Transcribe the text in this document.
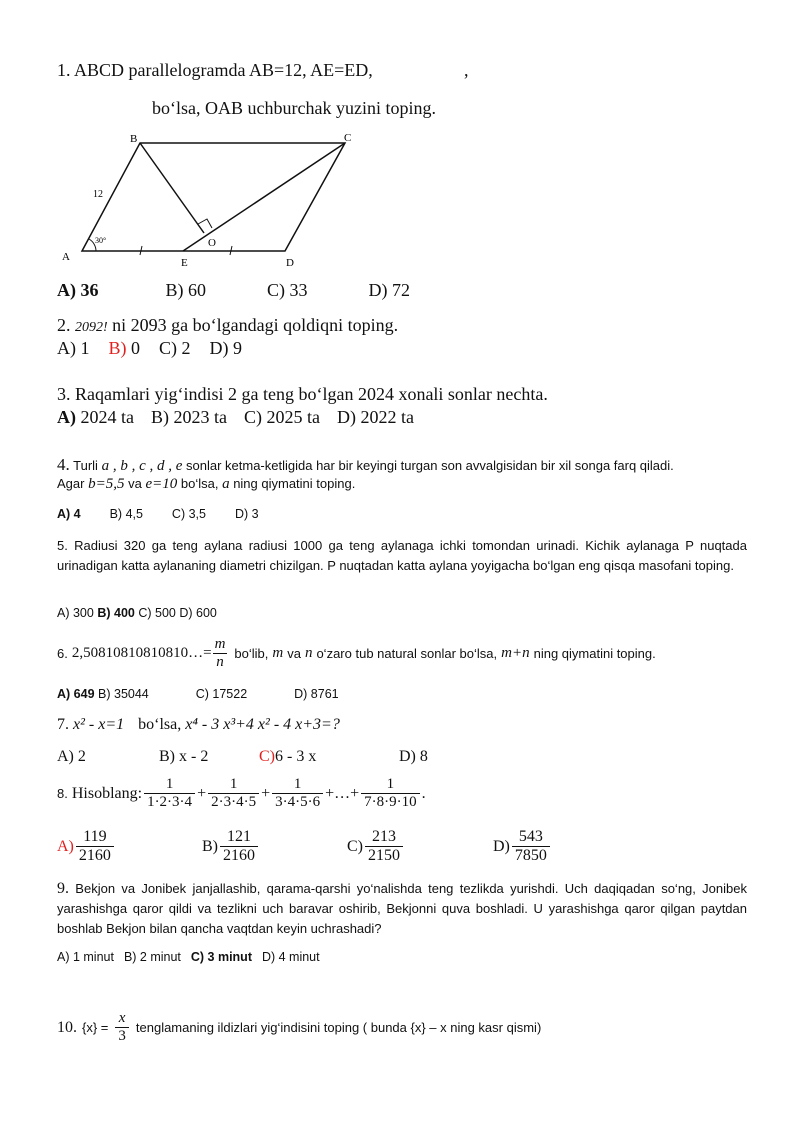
1. ABCD parallelogramda AB=12, AE=ED,	,
bo‘lsa, OAB uchburchak yuzini toping.
B	C
A	E	D
O
12
30°
A) 36	B) 60	C) 33	D) 72
2. 2092! ni 2093 ga bo‘lgandagi qoldiqni toping.
A) 1 B) 0 C) 2 D) 9
3. Raqamlari yig‘indisi 2 ga teng bo‘lgan 2024 xonali sonlar nechta.
A) 2024 ta B) 2023 ta C) 2025 ta D) 2022 ta
4. Turli a , b , c , d , e sonlar ketma-ketligida har bir keyingi turgan son avvalgisidan bir xil songa farq qiladi.
Agar b=5,5 va e=10 bo‘lsa, a ning qiymatini toping.
A) 4 B) 4,5 C) 3,5 D) 3
5. Radiusi 320 ga teng aylana radiusi 1000 ga teng aylanaga ichki tomondan urinadi. Kichik aylanaga P nuqtada urinadigan katta aylananing diametri chizilgan. P nuqtadan katta aylana yoyigacha bo‘lgan eng qisqa masofani toping.
A) 300 B) 400 C) 500 D) 600
6. 2,50810810810810…= $\frac{m}{n}$ bo‘lib, m va n o‘zaro tub natural sonlar bo‘lsa, m+n ning qiymatini toping.
A) 649 B) 35044	C) 17522	D) 8761
7. x² - x=1 bo‘lsa, x⁴ - 3 x³+4 x² - 4 x+3=?
A) 2	B) x - 2	C)6 - 3 x	D) 8
8. Hisoblang: $\frac{1}{1\cdot 2\cdot 3\cdot 4} + \frac{1}{2\cdot 3\cdot 4\cdot 5} + \frac{1}{3\cdot 4\cdot 5\cdot 6}$ +…+ $\frac{1}{7\cdot 8\cdot 9\cdot 10}$ .
$A) \frac{119}{2160}$	$B) \frac{121}{2160}$	$C) \frac{213}{2150}$	$D) \frac{543}{7850}$
9. Bekjon va Jonibek janjallashib, qarama-qarshi yo‘nalishda teng tezlikda yurishdi. Uch daqiqadan so‘ng, Jonibek yarashishga qaror qildi va tezlikni uch baravar oshirib, Bekjonni quva boshladi. U yarashishga qaror qilgan paytdan boshlab Bekjon bilan qancha vaqtdan keyin uchrashadi?
A) 1 minut B) 2 minut C) 3 minut D) 4 minut
10. $\{x\} = \frac{x}{3}$ tenglamaning ildizlari yig‘indisini toping ( bunda {x} – x ning kasr qismi)
